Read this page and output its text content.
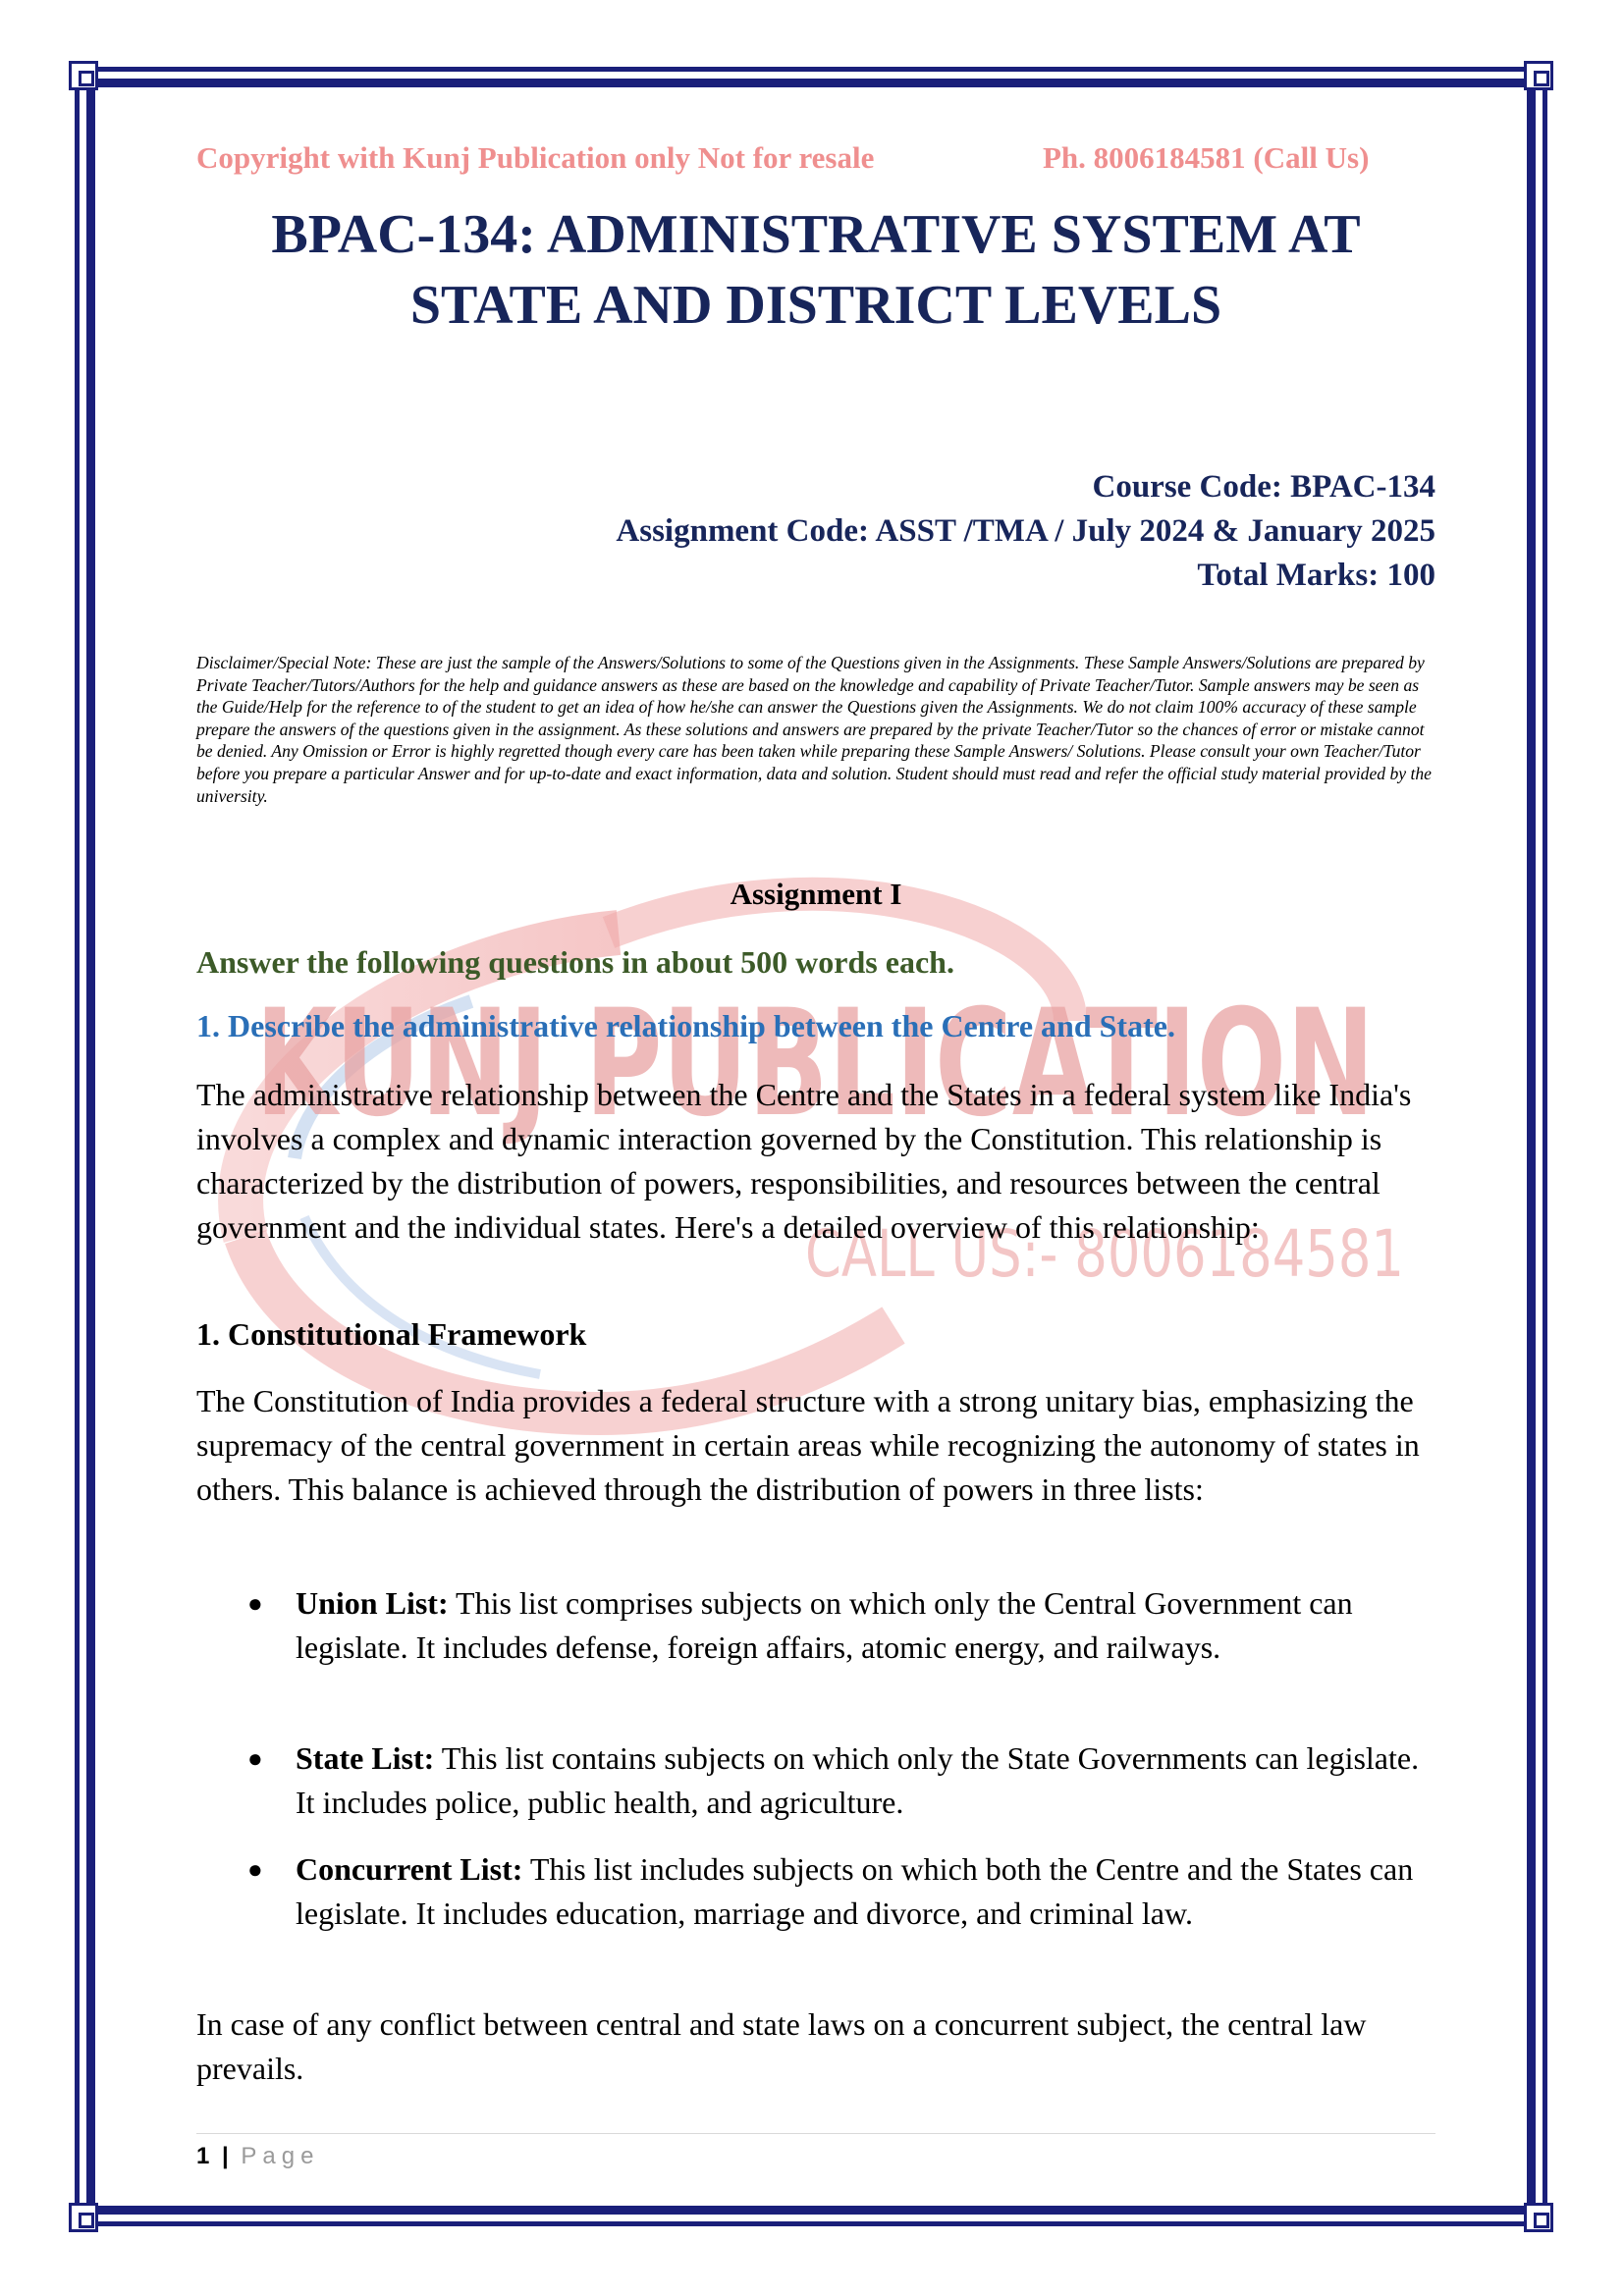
KUNJ PUBLICATION
CALL US:- 8006184581
Copyright with Kunj Publication only Not for resale	Ph. 8006184581 (Call Us)
BPAC-134: ADMINISTRATIVE SYSTEM AT
STATE AND DISTRICT LEVELS
Course Code: BPAC-134
Assignment Code: ASST /TMA / July 2024 & January 2025
Total Marks: 100
Disclaimer/Special Note: These are just the sample of the Answers/Solutions to some of the Questions given in the Assignments. These Sample Answers/Solutions are prepared by Private Teacher/Tutors/Authors for the help and guidance answers as these are based on the knowledge and capability of Private Teacher/Tutor. Sample answers may be seen as the Guide/Help for the reference to of the student to get an idea of how he/she can answer the Questions given the Assignments. We do not claim 100% accuracy of these sample prepare the answers of the questions given in the assignment. As these solutions and answers are prepared by the private Teacher/Tutor so the chances of error or mistake cannot be denied. Any Omission or Error is highly regretted though every care has been taken while preparing these Sample Answers/ Solutions. Please consult your own Teacher/Tutor before you prepare a particular Answer and for up-to-date and exact information, data and solution. Student should must read and refer the official study material provided by the university.
Assignment I
Answer the following questions in about 500 words each.
1. Describe the administrative relationship between the Centre and State.
The administrative relationship between the Centre and the States in a federal system like India's involves a complex and dynamic interaction governed by the Constitution. This relationship is characterized by the distribution of powers, responsibilities, and resources between the central government and the individual states. Here's a detailed overview of this relationship:
1. Constitutional Framework
The Constitution of India provides a federal structure with a strong unitary bias, emphasizing the supremacy of the central government in certain areas while recognizing the autonomy of states in others. This balance is achieved through the distribution of powers in three lists:
● Union List: This list comprises subjects on which only the Central Government can legislate. It includes defense, foreign affairs, atomic energy, and railways.
● State List: This list contains subjects on which only the State Governments can legislate. It includes police, public health, and agriculture.
● Concurrent List: This list includes subjects on which both the Centre and the States can legislate. It includes education, marriage and divorce, and criminal law.
In case of any conflict between central and state laws on a concurrent subject, the central law prevails.
1 | Page
